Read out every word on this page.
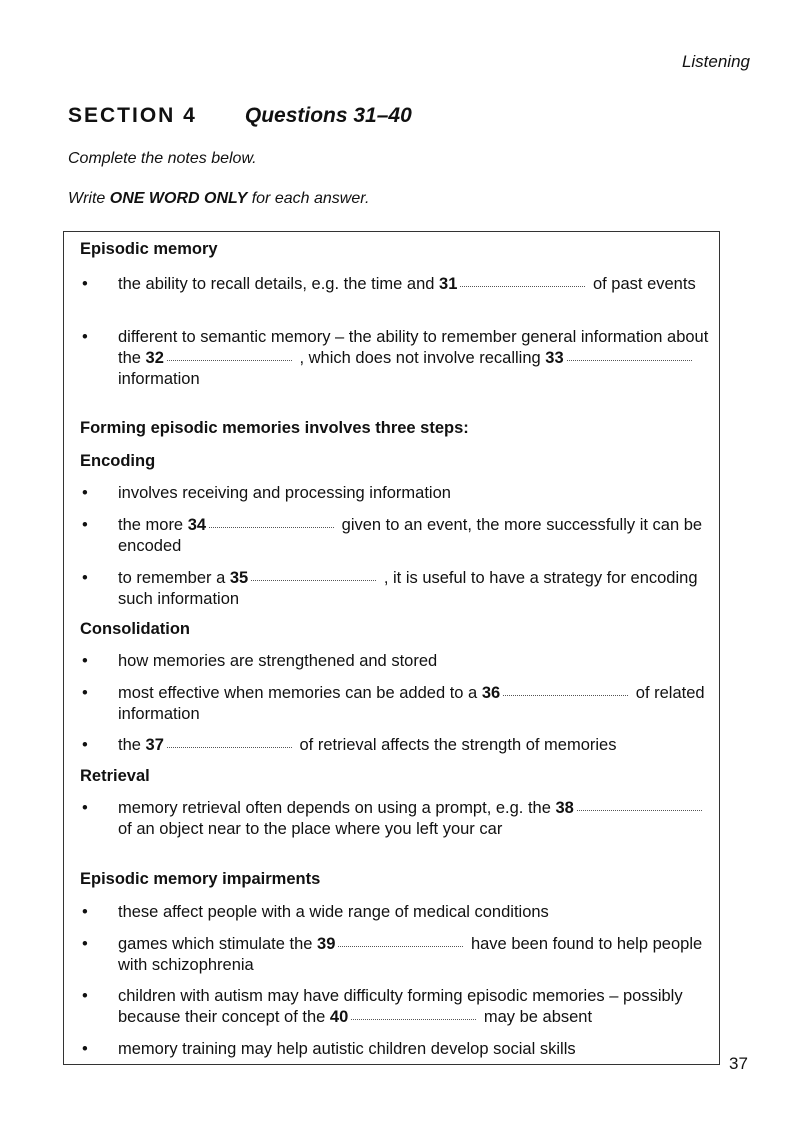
Listening
SECTION 4 Questions 31–40
Complete the notes below.
Write ONE WORD ONLY for each answer.
Episodic memory
• the ability to recall details, e.g. the time and 31	of past events
• different to semantic memory – the ability to remember general information about the 32	, which does not involve recalling 33 information
Forming episodic memories involves three steps:
Encoding
• involves receiving and processing information
• the more 34	given to an event, the more successfully it can be encoded
• to remember a 35	, it is useful to have a strategy for encoding such information
Consolidation
• how memories are strengthened and stored
• most effective when memories can be added to a 36	of related information
• the 37	of retrieval affects the strength of memories
Retrieval
• memory retrieval often depends on using a prompt, e.g. the 38 of an object near to the place where you left your car
Episodic memory impairments
• these affect people with a wide range of medical conditions
• games which stimulate the 39	have been found to help people with schizophrenia
• children with autism may have difficulty forming episodic memories – possibly because their concept of the 40	may be absent
• memory training may help autistic children develop social skills
37
